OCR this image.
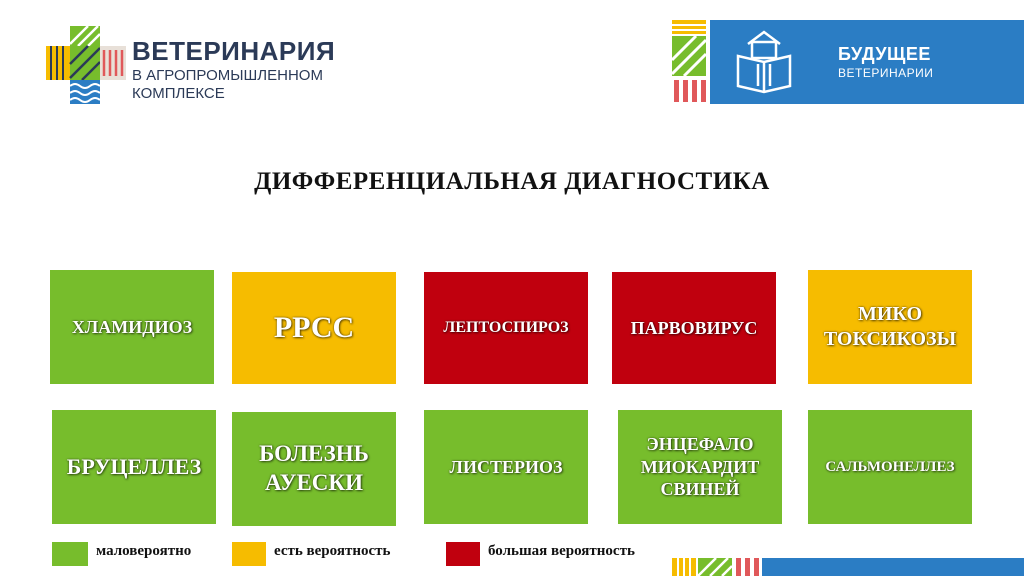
ВЕТЕРИНАРИЯ
В АГРОПРОМЫШЛЕННОМ
КОМПЛЕКСЕ
БУДУЩЕЕ
ВЕТЕРИНАРИИ
ДИФФЕРЕНЦИАЛЬНАЯ ДИАГНОСТИКА
ХЛАМИДИОЗ	РРСС	ЛЕПТОСПИРОЗ	ПАРВОВИРУС
МИКО ТОКСИКОЗЫ
БРУЦЕЛЛЕЗ
БОЛЕЗНЬ АУЕСКИ
ЛИСТЕРИОЗ
ЭНЦЕФАЛО МИОКАРДИТ СВИНЕЙ
САЛЬМОНЕЛЛЕЗ
маловероятно	есть вероятность	большая вероятность
